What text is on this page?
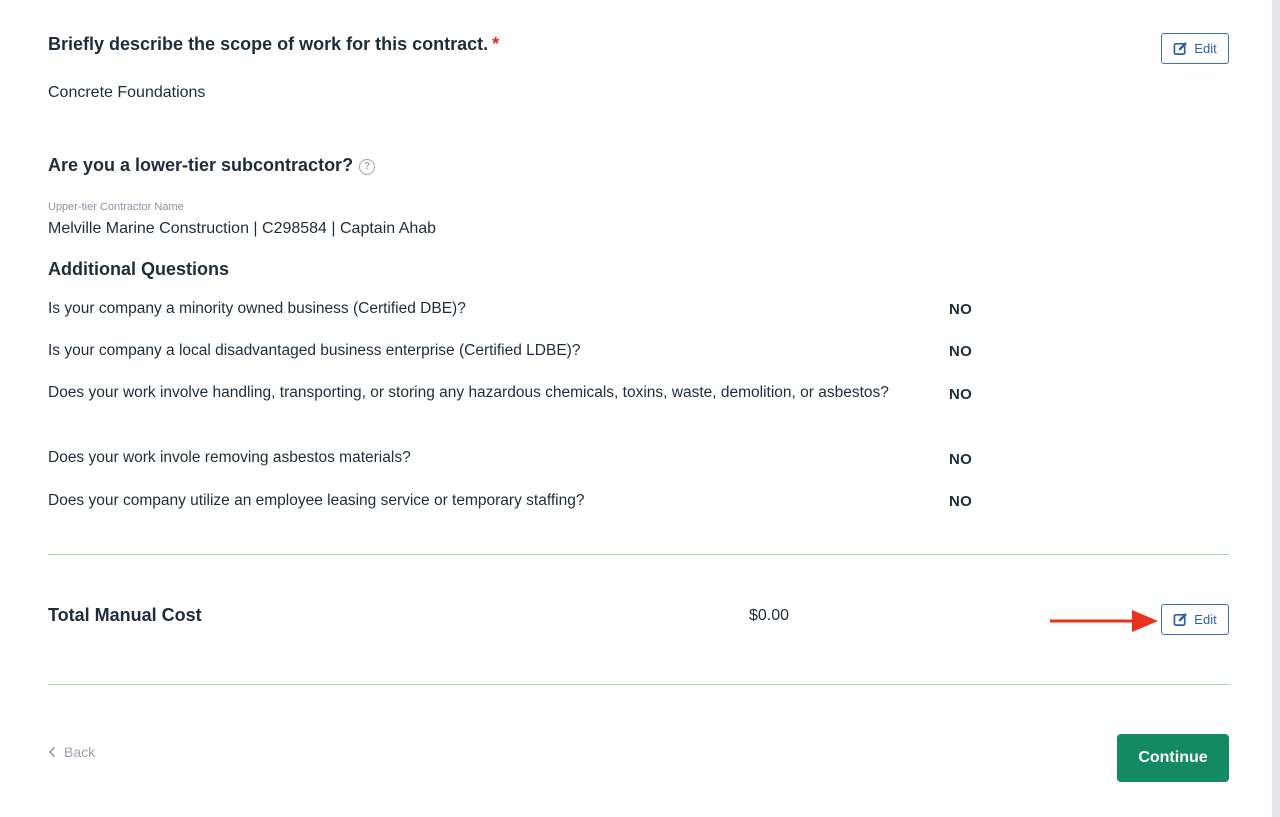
Briefly describe the scope of work for this contract. *	Edit
Concrete Foundations
Are you a lower-tier subcontractor? ?
Upper-tier Contractor Name
Melville Marine Construction | C298584 | Captain Ahab
Additional Questions
Is your company a minority owned business (Certified DBE)?	NO
Is your company a local disadvantaged business enterprise (Certified LDBE)?	NO
Does your work involve handling, transporting, or storing any hazardous chemicals, toxins, waste, demolition, or asbestos?	NO
Does your work invole removing asbestos materials?	NO
Does your company utilize an employee leasing service or temporary staffing?	NO
Total Manual Cost	$0.00	Edit
Back	Continue
